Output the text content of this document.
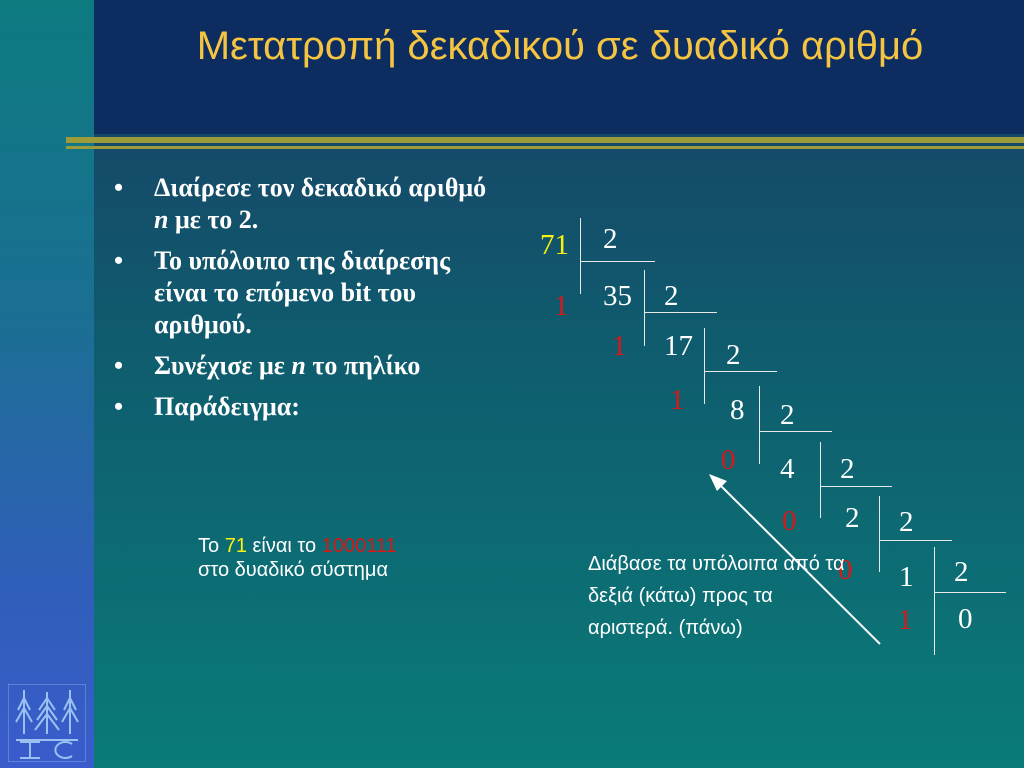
Μετατροπή δεκαδικού σε δυαδικό αριθμό
• Διαίρεσε τον δεκαδικό αριθμό n με το 2.
• Το υπόλοιπο της διαίρεσης είναι το επόμενο bit του αριθμού.
• Συνέχισε με n το πηλίκο
• Παράδειγμα:
Το 71 είναι το 1000111
στο δυαδικό σύστημα
71
35
17
8
4
2
1
0
2
2
2
2
2
2
2
1
1
1
0
0
0
1
Διάβασε τα υπόλοιπα από τα δεξιά (κάτω) προς τα αριστερά. (πάνω)
